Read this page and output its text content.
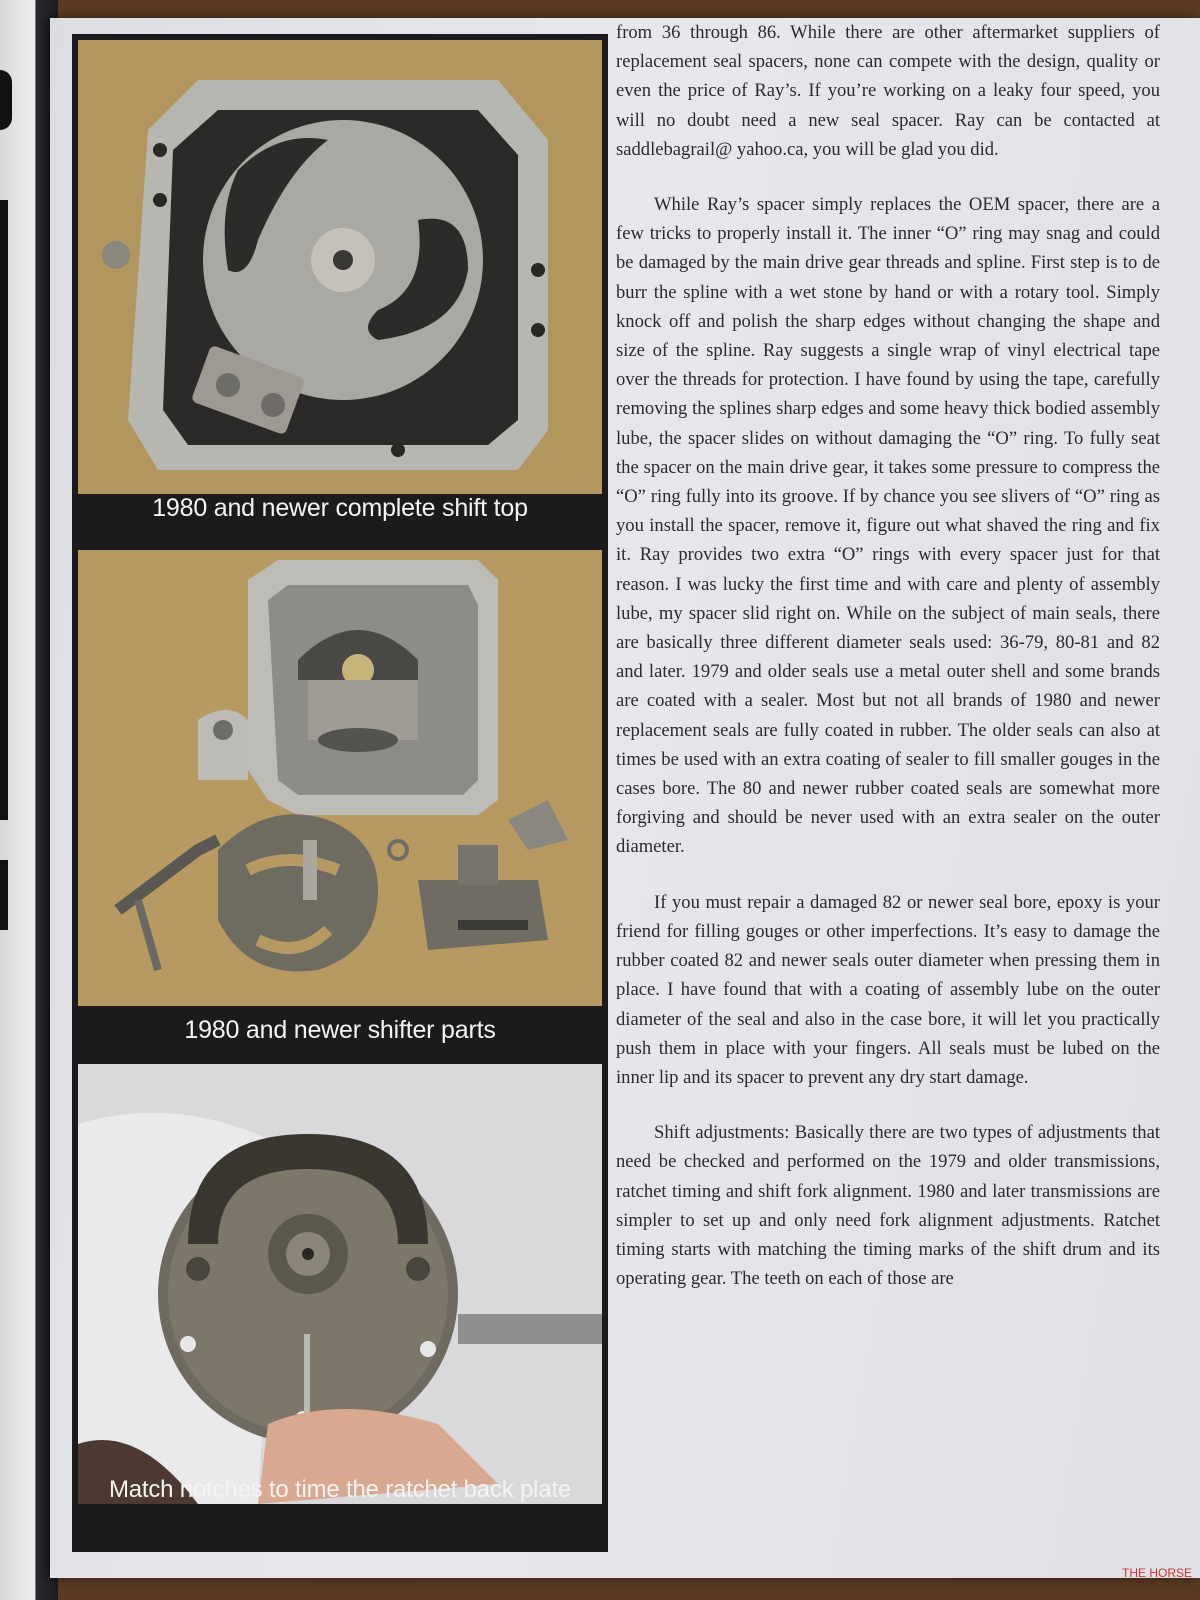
1980 and newer complete shift top
1980 and newer shifter parts
Match notches to time the ratchet back plate

from 36 through 86. While there are other aftermarket suppliers of replacement seal spacers, none can compete with the design, quality or even the price of Ray’s. If you’re working on a leaky four speed, you will no doubt need a new seal spacer. Ray can be contacted at saddlebagrail@ yahoo.ca, you will be glad you did.

While Ray’s spacer simply replaces the OEM spacer, there are a few tricks to properly install it. The inner “O” ring may snag and could be damaged by the main drive gear threads and spline. First step is to de burr the spline with a wet stone by hand or with a rotary tool. Simply knock off and polish the sharp edges without changing the shape and size of the spline. Ray suggests a single wrap of vinyl electrical tape over the threads for protection. I have found by using the tape, carefully removing the splines sharp edges and some heavy thick bodied assembly lube, the spacer slides on without damaging the “O” ring. To fully seat the spacer on the main drive gear, it takes some pressure to compress the “O” ring fully into its groove. If by chance you see slivers of “O” ring as you install the spacer, remove it, figure out what shaved the ring and fix it. Ray provides two extra “O” rings with every spacer just for that reason. I was lucky the first time and with care and plenty of assembly lube, my spacer slid right on. While on the subject of main seals, there are basically three different diameter seals used: 36-79, 80-81 and 82 and later. 1979 and older seals use a metal outer shell and some brands are coated with a sealer. Most but not all brands of 1980 and newer replacement seals are fully coated in rubber. The older seals can also at times be used with an extra coating of sealer to fill smaller gouges in the cases bore. The 80 and newer rubber coated seals are somewhat more forgiving and should be never used with an extra sealer on the outer diameter.

If you must repair a damaged 82 or newer seal bore, epoxy is your friend for filling gouges or other imperfections. It’s easy to damage the rubber coated 82 and newer seals outer diameter when pressing them in place. I have found that with a coating of assembly lube on the outer diameter of the seal and also in the case bore, it will let you practically push them in place with your fingers. All seals must be lubed on the inner lip and its spacer to prevent any dry start damage.

Shift adjustments: Basically there are two types of adjustments that need be checked and performed on the 1979 and older transmissions, ratchet timing and shift fork alignment. 1980 and later transmissions are simpler to set up and only need fork alignment adjustments. Ratchet timing starts with matching the timing marks of the shift drum and its operating gear. The teeth on each of those are

THE HORSE
